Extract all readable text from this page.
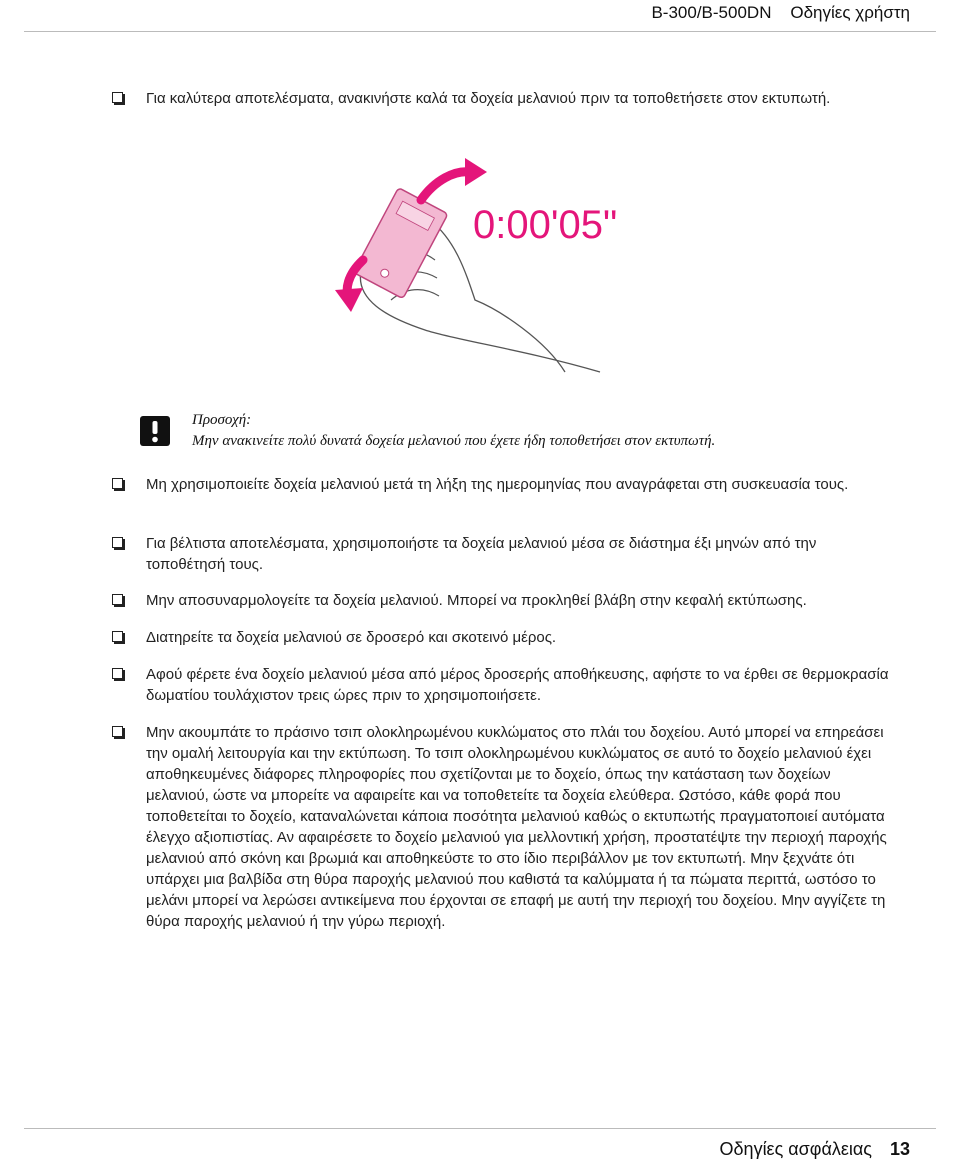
B-300/B-500DN    Οδηγίες χρήστη
Για καλύτερα αποτελέσματα, ανακινήστε καλά τα δοχεία μελανιού πριν τα τοποθετήσετε στον εκτυπωτή.
0:00'05"
Προσοχή:
Μην ανακινείτε πολύ δυνατά δοχεία μελανιού που έχετε ήδη τοποθετήσει στον εκτυπωτή.
Μη χρησιμοποιείτε δοχεία μελανιού μετά τη λήξη της ημερομηνίας που αναγράφεται στη συσκευασία τους.
Για βέλτιστα αποτελέσματα, χρησιμοποιήστε τα δοχεία μελανιού μέσα σε διάστημα έξι μηνών από την τοποθέτησή τους.
Μην αποσυναρμολογείτε τα δοχεία μελανιού. Μπορεί να προκληθεί βλάβη στην κεφαλή εκτύπωσης.
Διατηρείτε τα δοχεία μελανιού σε δροσερό και σκοτεινό μέρος.
Αφού φέρετε ένα δοχείο μελανιού μέσα από μέρος δροσερής αποθήκευσης, αφήστε το να έρθει σε θερμοκρασία δωματίου τουλάχιστον τρεις ώρες πριν το χρησιμοποιήσετε.
Μην ακουμπάτε το πράσινο τσιπ ολοκληρωμένου κυκλώματος στο πλάι του δοχείου. Αυτό μπορεί να επηρεάσει την ομαλή λειτουργία και την εκτύπωση. Το τσιπ ολοκληρωμένου κυκλώματος σε αυτό το δοχείο μελανιού έχει αποθηκευμένες διάφορες πληροφορίες που σχετίζονται με το δοχείο, όπως την κατάσταση των δοχείων μελανιού, ώστε να μπορείτε να αφαιρείτε και να τοποθετείτε τα δοχεία ελεύθερα. Ωστόσο, κάθε φορά που τοποθετείται το δοχείο, καταναλώνεται κάποια ποσότητα μελανιού καθώς ο εκτυπωτής πραγματοποιεί αυτόματα έλεγχο αξιοπιστίας. Αν αφαιρέσετε το δοχείο μελανιού για μελλοντική χρήση, προστατέψτε την περιοχή παροχής μελανιού από σκόνη και βρωμιά και αποθηκεύστε το στο ίδιο περιβάλλον με τον εκτυπωτή. Μην ξεχνάτε ότι υπάρχει μια βαλβίδα στη θύρα παροχής μελανιού που καθιστά τα καλύμματα ή τα πώματα περιττά, ωστόσο το μελάνι μπορεί να λερώσει αντικείμενα που έρχονται σε επαφή με αυτή την περιοχή του δοχείου. Μην αγγίζετε τη θύρα παροχής μελανιού ή την γύρω περιοχή.
Οδηγίες ασφάλειας 13
